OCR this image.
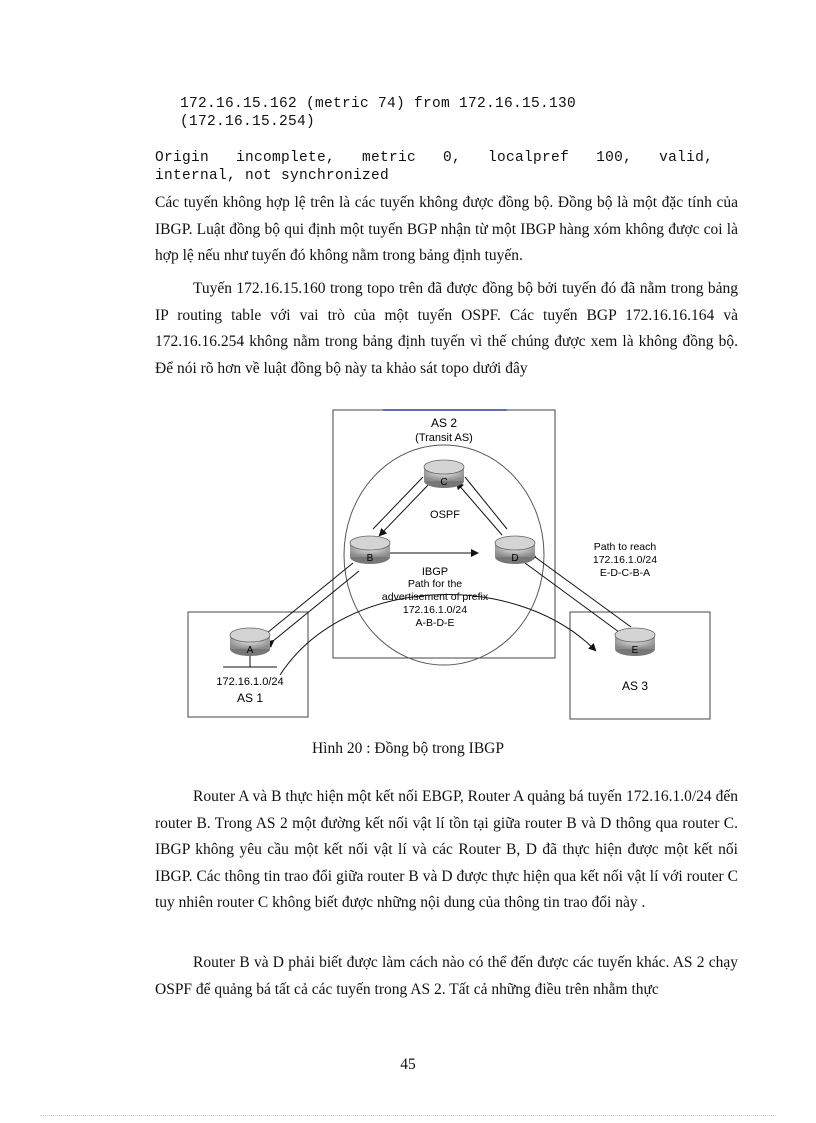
172.16.15.162 (metric 74) from 172.16.15.130
(172.16.15.254)
Origin   incomplete,   metric   0,   localpref   100,   valid,
internal, not synchronized

Các tuyến không hợp lệ trên là các tuyến không được đồng bộ. Đồng bộ là một đặc tính của IBGP. Luật đồng bộ qui định một tuyến BGP nhận từ một IBGP hàng xóm không được coi là hợp lệ nếu như tuyến đó không nằm trong bảng định tuyến.

Tuyến 172.16.15.160 trong topo trên đã được đồng bộ bởi tuyến đó đã nằm trong bảng IP routing table với vai trò của một tuyến OSPF. Các tuyến BGP 172.16.16.164 và 172.16.16.254 không nằm trong bảng định tuyến vì thế chúng được xem là không đồng bộ. Để nói rõ hơn về luật đồng bộ này ta khảo sát topo dưới đây

AS 2
(Transit AS)
OSPF
IBGP
Path for the
advertisement of prefix
172.16.1.0/24
A-B-D-E
Path to reach
172.16.1.0/24
E-D-C-B-A
C
B	D
A	E
172.16.1.0/24
AS 1
AS 3
Hình 20 : Đồng bộ trong IBGP

Router A và B thực hiện một kết nối EBGP, Router A quảng bá tuyến 172.16.1.0/24 đến router B. Trong AS 2 một đường kết nối vật lí tồn tại giữa router B và D thông qua router C. IBGP không yêu cầu một kết nối vật lí và các Router B, D đã thực hiện được một kết nối IBGP. Các thông tin trao đổi giữa router B và D được thực hiện qua kết nối vật lí với router C tuy nhiên router C không biết được những nội dung của thông tin trao đổi này .

Router B và D phải biết được làm cách nào có thể đến được các tuyến khác. AS 2 chạy OSPF để quảng bá tất cả các tuyến trong AS 2. Tất cả những điều trên nhằm thực

45
